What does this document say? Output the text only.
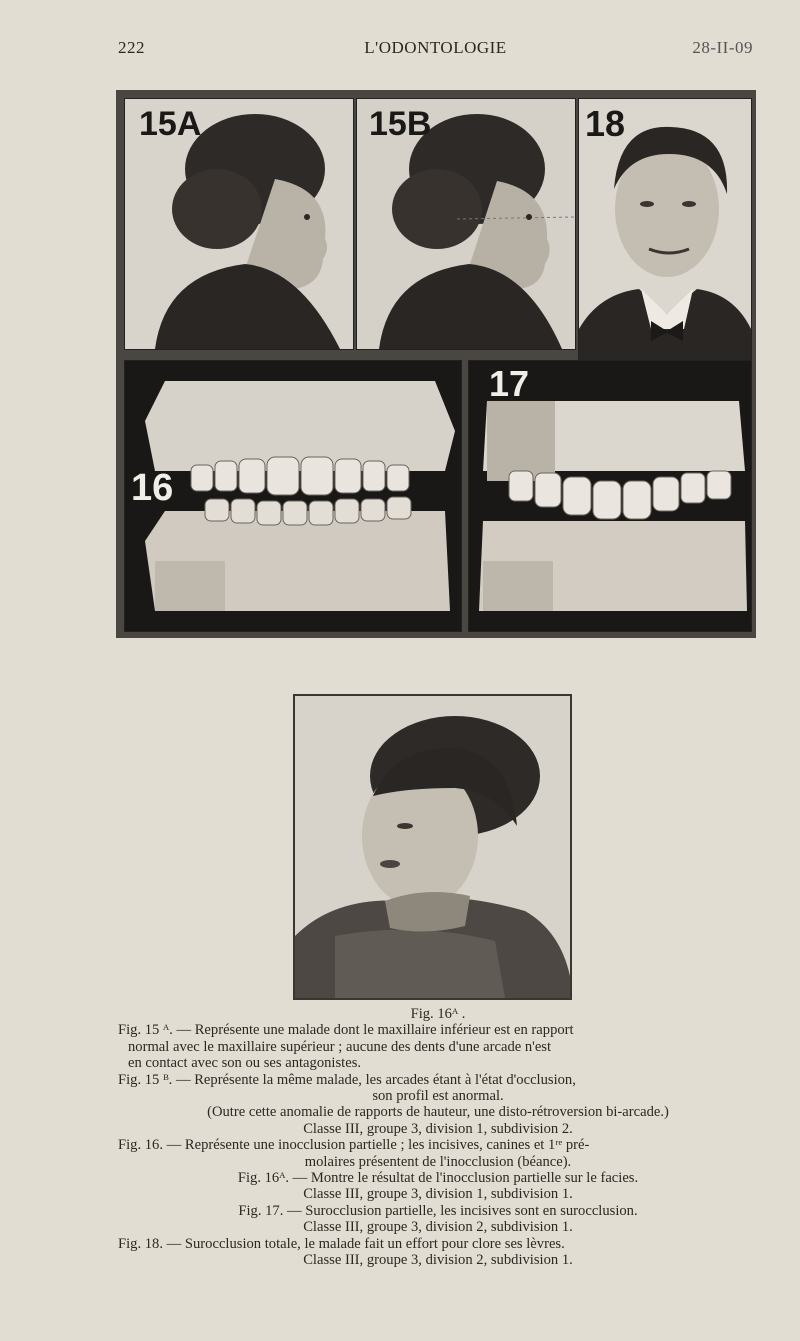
222	L'ODONTOLOGIE	28-II-09
15A	15B	18
16
17

Fig. 16ᴬ .

Fig. 15 ᴬ. — Représente une malade dont le maxillaire inférieur est en rapport

normal avec le maxillaire supérieur ; aucune des dents d'une arcade n'est

en contact avec son ou ses antagonistes.

Fig. 15 ᴮ. — Représente la même malade, les arcades étant à l'état d'occlusion,

son profil est anormal.

(Outre cette anomalie de rapports de hauteur, une disto-rétroversion bi-arcade.)

Classe III, groupe 3, division 1, subdivision 2.

Fig. 16. — Représente une inocclusion partielle ; les incisives, canines et 1ʳᵉ pré-

molaires présentent de l'inocclusion (béance).

Fig. 16ᴬ. — Montre le résultat de l'inocclusion partielle sur le facies.

Classe III, groupe 3, division 1, subdivision 1.

Fig. 17. — Surocclusion partielle, les incisives sont en surocclusion.

Classe III, groupe 3, division 2, subdivision 1.

Fig. 18. — Surocclusion totale, le malade fait un effort pour clore ses lèvres.

Classe III, groupe 3, division 2, subdivision 1.
